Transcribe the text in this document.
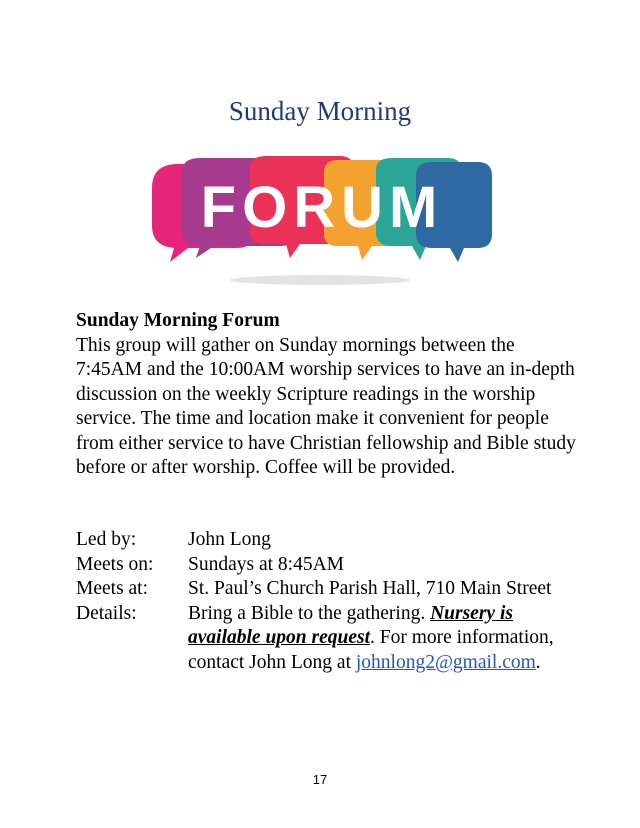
Sunday Morning
FORUM
Sunday Morning Forum

This group will gather on Sunday mornings between the 7:45AM and the 10:00AM worship services to have an in-depth discussion on the weekly Scripture readings in the worship service. The time and location make it convenient for people from either service to have Christian fellowship and Bible study before or after worship. Coffee will be provided.

Led by:	John Long
Meets on:	Sundays at 8:45AM
Meets at:	St. Paul’s Church Parish Hall, 710 Main Street
Details:	Bring a Bible to the gathering. Nursery is available upon request. For more information, contact John Long at johnlong2@gmail.com.
17
